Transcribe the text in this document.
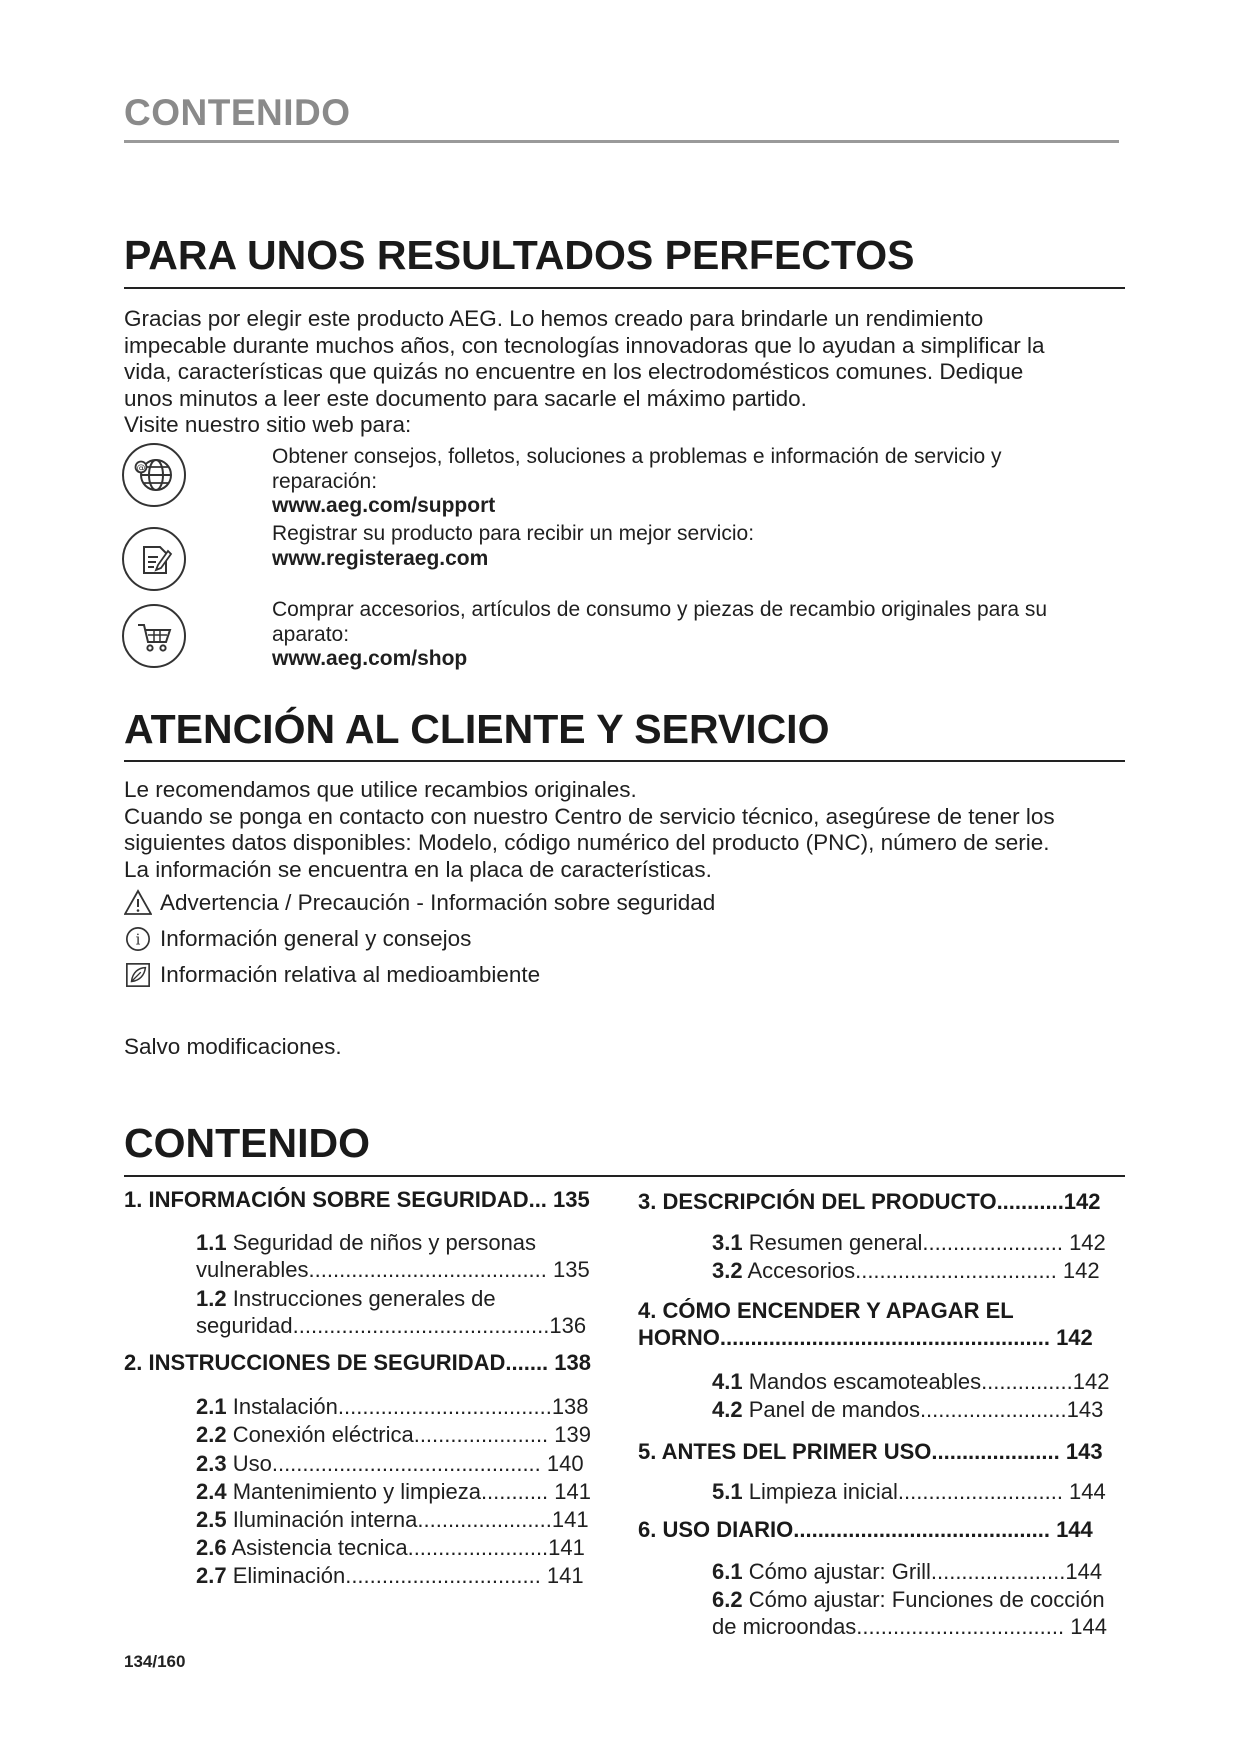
CONTENIDO
PARA UNOS RESULTADOS PERFECTOS
Gracias por elegir este producto AEG. Lo hemos creado para brindarle un rendimiento
impecable durante muchos años, con tecnologías innovadoras que lo ayudan a simplificar la
vida, características que quizás no encuentre en los electrodomésticos comunes. Dedique
unos minutos a leer este documento para sacarle el máximo partido.
Visite nuestro sitio web para:
@
Obtener consejos, folletos, soluciones a problemas e información de servicio y
reparación:
www.aeg.com/support
Registrar su producto para recibir un mejor servicio:
www.registeraeg.com
Comprar accesorios, artículos de consumo y piezas de recambio originales para su
aparato:
www.aeg.com/shop
ATENCIÓN AL CLIENTE Y SERVICIO
Le recomendamos que utilice recambios originales.
Cuando se ponga en contacto con nuestro Centro de servicio técnico, asegúrese de tener los
siguientes datos disponibles: Modelo, código numérico del producto (PNC), número de serie.
La información se encuentra en la placa de características.
Advertencia / Precaución - Información sobre seguridad
i Información general y consejos
Información relativa al medioambiente
Salvo modificaciones.
CONTENIDO
1. INFORMACIÓN SOBRE SEGURIDAD... 135
1.1 Seguridad de niños y personas
vulnerables....................................... 135
1.2 Instrucciones generales de
seguridad..........................................136
2. INSTRUCCIONES DE SEGURIDAD....... 138
2.1 Instalación...................................138
2.2 Conexión eléctrica...................... 139
2.3 Uso............................................ 140
2.4 Mantenimiento y limpieza........... 141
2.5 Iluminación interna......................141
2.6 Asistencia tecnica.......................141
2.7 Eliminación................................ 141
3. DESCRIPCIÓN DEL PRODUCTO...........142
3.1 Resumen general....................... 142
3.2 Accesorios................................. 142
4. CÓMO ENCENDER Y APAGAR EL
HORNO...................................................... 142
4.1 Mandos escamoteables...............142
4.2 Panel de mandos........................143
5. ANTES DEL PRIMER USO..................... 143
5.1 Limpieza inicial........................... 144
6. USO DIARIO.......................................... 144
6.1 Cómo ajustar: Grill......................144
6.2 Cómo ajustar: Funciones de cocción
de microondas.................................. 144
134/160
